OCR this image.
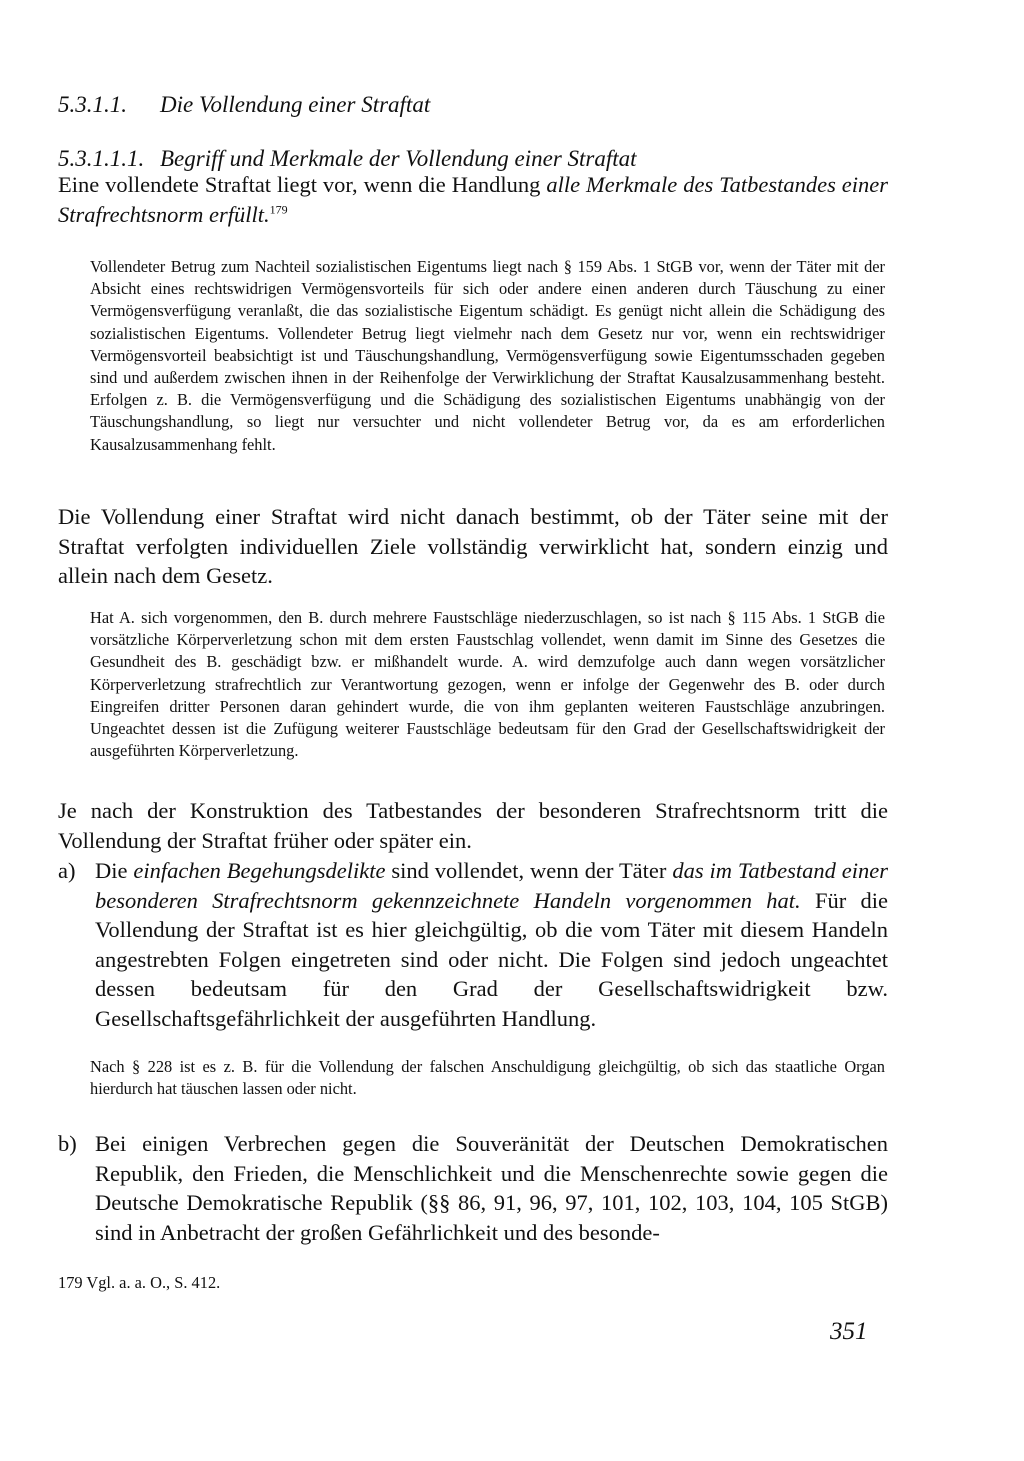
5.3.1.1. Die Vollendung einer Straftat
5.3.1.1.1. Begriff und Merkmale der Vollendung einer Straftat

Eine vollendete Straftat liegt vor, wenn die Handlung alle Merkmale des Tatbestandes einer Strafrechtsnorm erfüllt.$^{179}$

Vollendeter Betrug zum Nachteil sozialistischen Eigentums liegt nach § 159 Abs. 1 StGB vor, wenn der Täter mit der Absicht eines rechtswidrigen Vermögensvorteils für sich oder andere einen anderen durch Täuschung zu einer Vermögensverfügung veranlaßt, die das sozialistische Eigentum schädigt. Es genügt nicht allein die Schädigung des sozialistischen Eigentums. Vollendeter Betrug liegt vielmehr nach dem Gesetz nur vor, wenn ein rechtswidriger Vermögensvorteil beabsichtigt ist und Täuschungshandlung, Vermögensverfügung sowie Eigentumsschaden gegeben sind und außerdem zwischen ihnen in der Reihenfolge der Verwirklichung der Straftat Kausalzusammenhang besteht. Erfolgen z. B. die Vermögensverfügung und die Schädigung des sozialistischen Eigentums unabhängig von der Täuschungshandlung, so liegt nur versuchter und nicht vollendeter Betrug vor, da es am erforderlichen Kausalzusammenhang fehlt.

Die Vollendung einer Straftat wird nicht danach bestimmt, ob der Täter seine mit der Straftat verfolgten individuellen Ziele vollständig verwirklicht hat, sondern einzig und allein nach dem Gesetz.

Hat A. sich vorgenommen, den B. durch mehrere Faustschläge niederzuschlagen, so ist nach § 115 Abs. 1 StGB die vorsätzliche Körperverletzung schon mit dem ersten Faustschlag vollendet, wenn damit im Sinne des Gesetzes die Gesundheit des B. geschädigt bzw. er mißhandelt wurde. A. wird demzufolge auch dann wegen vorsätzlicher Körperverletzung strafrechtlich zur Verantwortung gezogen, wenn er infolge der Gegenwehr des B. oder durch Eingreifen dritter Personen daran gehindert wurde, die von ihm geplanten weiteren Faustschläge anzubringen. Ungeachtet dessen ist die Zufügung weiterer Faustschläge bedeutsam für den Grad der Gesellschaftswidrigkeit der ausgeführten Körperverletzung.

Je nach der Konstruktion des Tatbestandes der besonderen Strafrechtsnorm tritt die Vollendung der Straftat früher oder später ein.

a) Die einfachen Begehungsdelikte sind vollendet, wenn der Täter das im Tatbestand einer besonderen Strafrechtsnorm gekennzeichnete Handeln vorgenommen hat. Für die Vollendung der Straftat ist es hier gleichgültig, ob die vom Täter mit diesem Handeln angestrebten Folgen eingetreten sind oder nicht. Die Folgen sind jedoch ungeachtet dessen bedeutsam für den Grad der Gesellschaftswidrigkeit bzw. Gesellschaftsgefährlichkeit der ausgeführten Handlung.

Nach § 228 ist es z. B. für die Vollendung der falschen Anschuldigung gleichgültig, ob sich das staatliche Organ hierdurch hat täuschen lassen oder nicht.

b) Bei einigen Verbrechen gegen die Souveränität der Deutschen Demokratischen Republik, den Frieden, die Menschlichkeit und die Menschenrechte sowie gegen die Deutsche Demokratische Republik (§§ 86, 91, 96, 97, 101, 102, 103, 104, 105 StGB) sind in Anbetracht der großen Gefährlichkeit und des besonde-
179 Vgl. a. a. O., S. 412.
351
